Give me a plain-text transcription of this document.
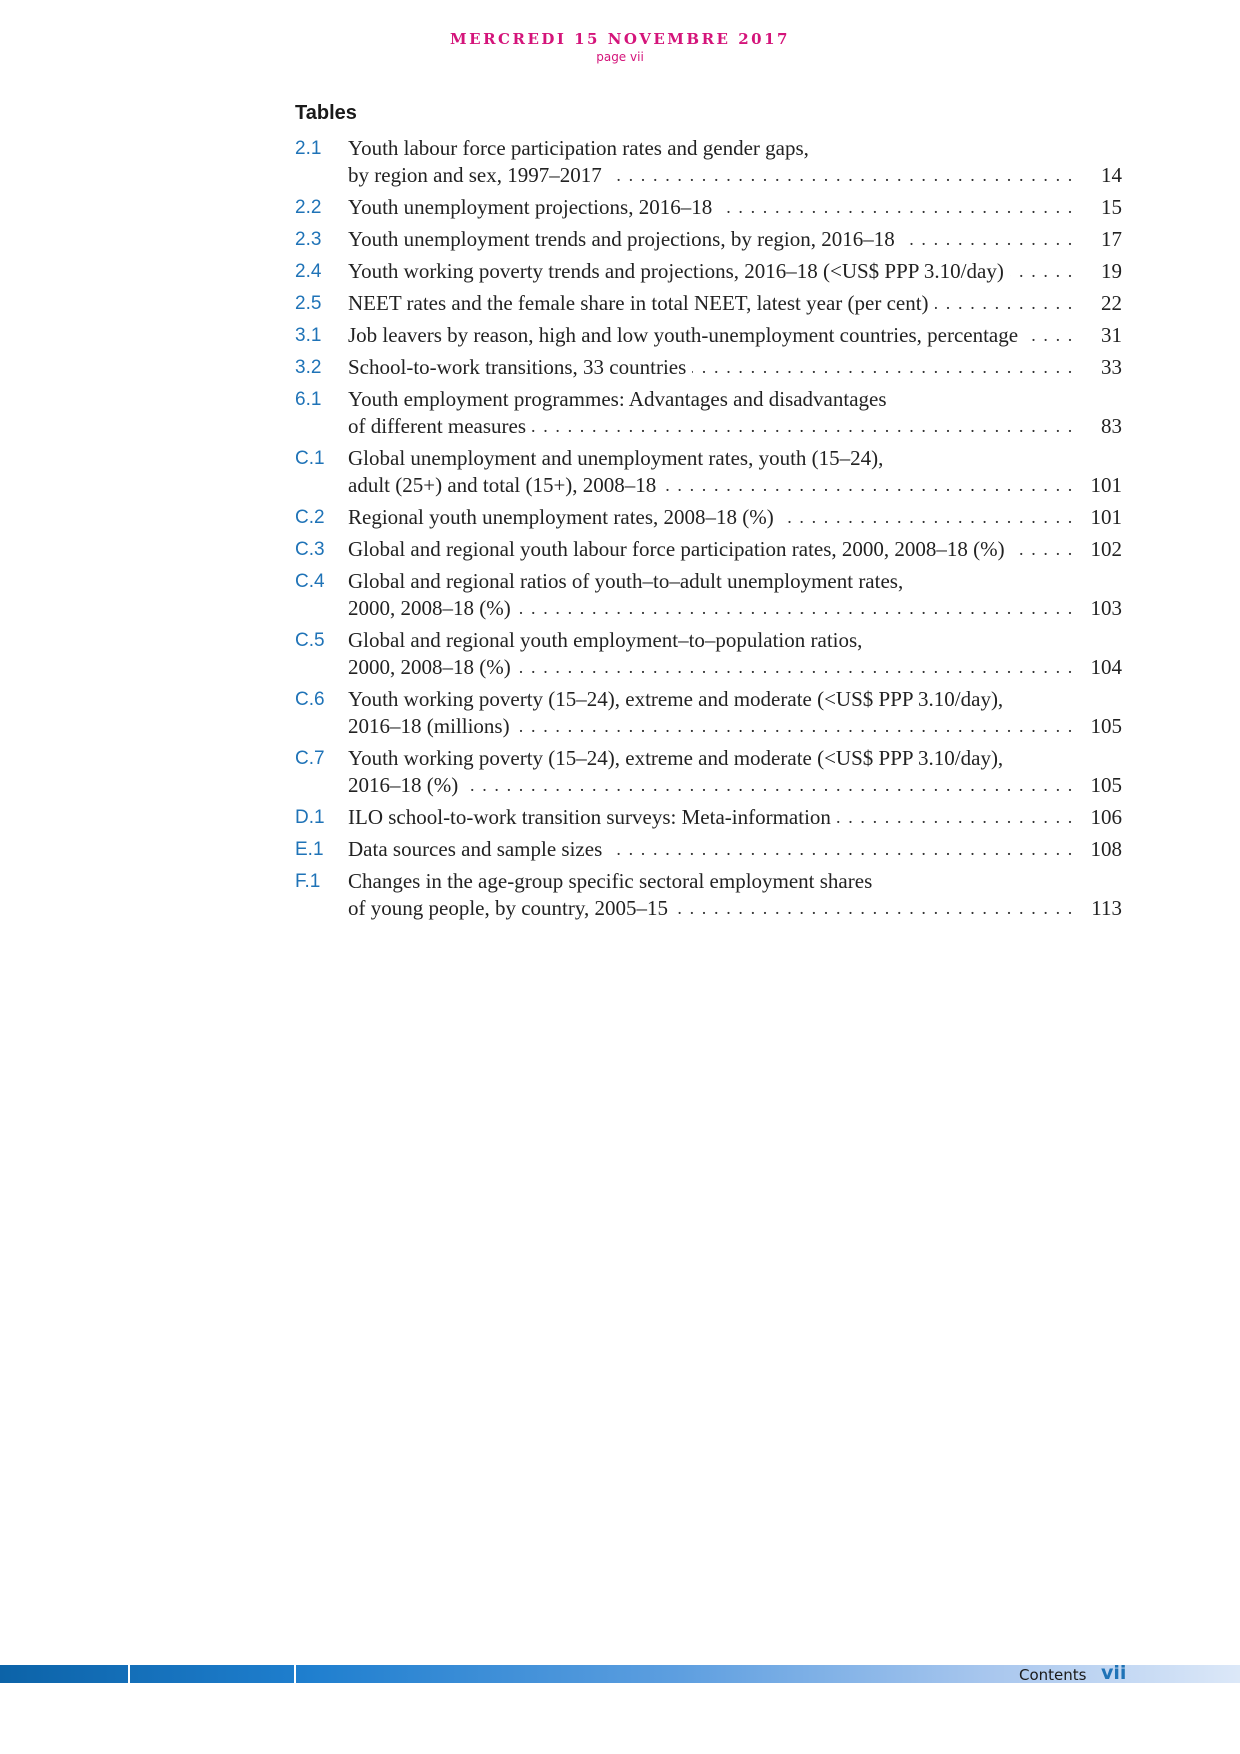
MERCREDI 15 NOVEMBRE 2017
page vii
Tables
2.1	Youth labour force participation rates and gender gaps,
by region and sex, 1997–2017 . . .	14
2.2	Youth unemployment projections, 2016–18 . . .	15
2.3	Youth unemployment trends and projections, by region, 2016–18 . . .	17
2.4	Youth working poverty trends and projections, 2016–18 (<US$ PPP 3.10/day) . . .	19
2.5	NEET rates and the female share in total NEET, latest year (per cent) . . .	22
3.1	Job leavers by reason, high and low youth-unemployment countries, percentage . . .	31
3.2	School-to-work transitions, 33 countries . . .	33
6.1	Youth employment programmes: Advantages and disadvantages
of different measures . . .	83
C.1	Global unemployment and unemployment rates, youth (15–24),
adult (25+) and total (15+), 2008–18 . . .	101
C.2	Regional youth unemployment rates, 2008–18 (%) . . .	101
C.3	Global and regional youth labour force participation rates, 2000, 2008–18 (%) . . .	102
C.4	Global and regional ratios of youth–to–adult unemployment rates,
2000, 2008–18 (%) . . .	103
C.5	Global and regional youth employment–to–population ratios,
2000, 2008–18 (%) . . .	104
C.6	Youth working poverty (15–24), extreme and moderate (<US$ PPP 3.10/day),
2016–18 (millions) . . .	105
C.7	Youth working poverty (15–24), extreme and moderate (<US$ PPP 3.10/day),
2016–18 (%) . . .	105
D.1	ILO school-to-work transition surveys: Meta-information . . .	106
E.1	Data sources and sample sizes . . .	108
F.1	Changes in the age-group specific sectoral employment shares
of young people, by country, 2005–15 . . .	113
Contents vii
